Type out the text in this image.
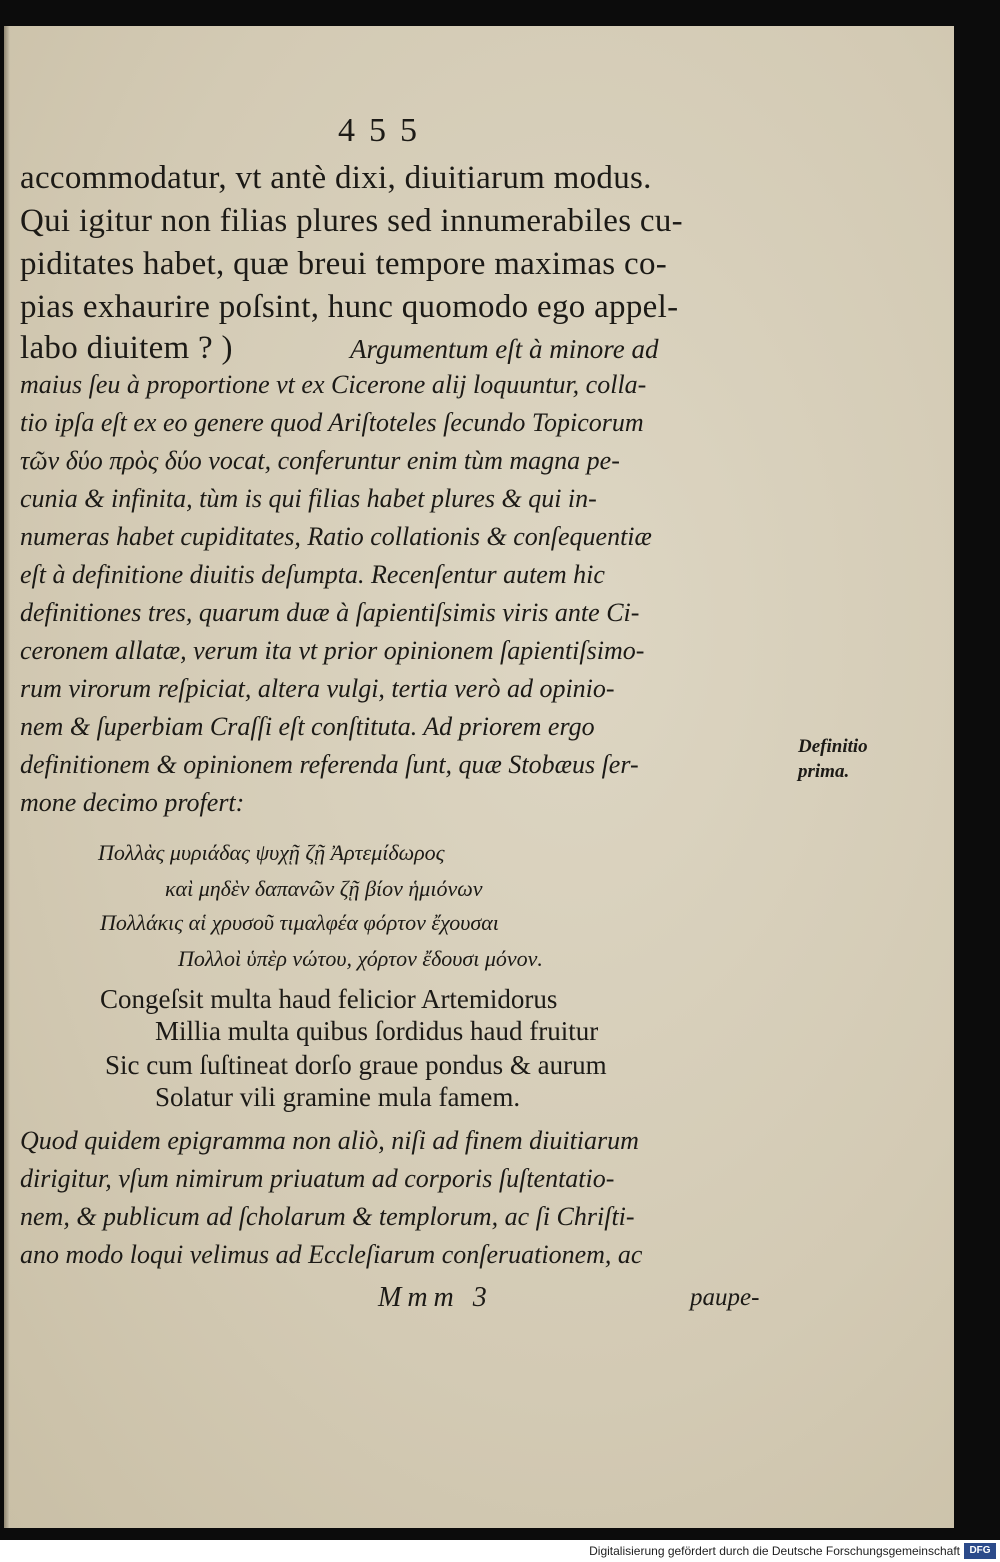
455
accommodatur, vt antè dixi, diuitiarum modus.
Qui igitur non filias plures sed innumerabiles cu-
piditates habet, quæ breui tempore maximas co-
pias exhaurire poſsint, hunc quomodo ego appel-
labo diuitem ? )	Argumentum eſt à minore ad
maius ſeu à proportione vt ex Cicerone alij loquuntur, colla-
tio ipſa eſt ex eo genere quod Ariſtoteles ſecundo Topicorum
τῶν δύο πρὸς δύο vocat, conferuntur enim tùm magna pe-
cunia & infinita, tùm is qui filias habet plures & qui in-
numeras habet cupiditates, Ratio collationis & conſequentiæ
eſt à definitione diuitis deſumpta. Recenſentur autem hic
definitiones tres, quarum duæ à ſapientiſsimis viris ante Ci-
ceronem allatæ, verum ita vt prior opinionem ſapientiſsimo-
rum virorum reſpiciat, altera vulgi, tertia verò ad opinio-
nem & ſuperbiam Craſſi eſt conſtituta. Ad priorem ergo
definitionem & opinionem referenda ſunt, quæ Stobæus ſer-
mone decimo profert:
Definitio
prima.
Πολλὰς μυριάδας ψυχῇ ζῇ Ἀρτεμίδωρος
καὶ μηδὲν δαπανῶν ζῇ βίον ἡμιόνων
Πολλάκις αἱ χρυσοῦ τιμαλφέα φόρτον ἔχουσαι
Πολλοὶ ὑπὲρ νώτου, χόρτον ἔδουσι μόνον.
Congeſsit multa haud felicior Artemidorus
Millia multa quibus ſordidus haud fruitur
Sic cum ſuſtineat dorſo graue pondus & aurum
Solatur vili gramine mula famem.
Quod quidem epigramma non aliò, niſi ad finem diuitiarum
dirigitur, vſum nimirum priuatum ad corporis ſuſtentatio-
nem, & publicum ad ſcholarum & templorum, ac ſi Chriſti-
ano modo loqui velimus ad Eccleſiarum conſeruationem, ac
Mmm 3	paupe-
Digitalisierung gefördert durch die Deutsche Forschungsgemeinschaft DFG
